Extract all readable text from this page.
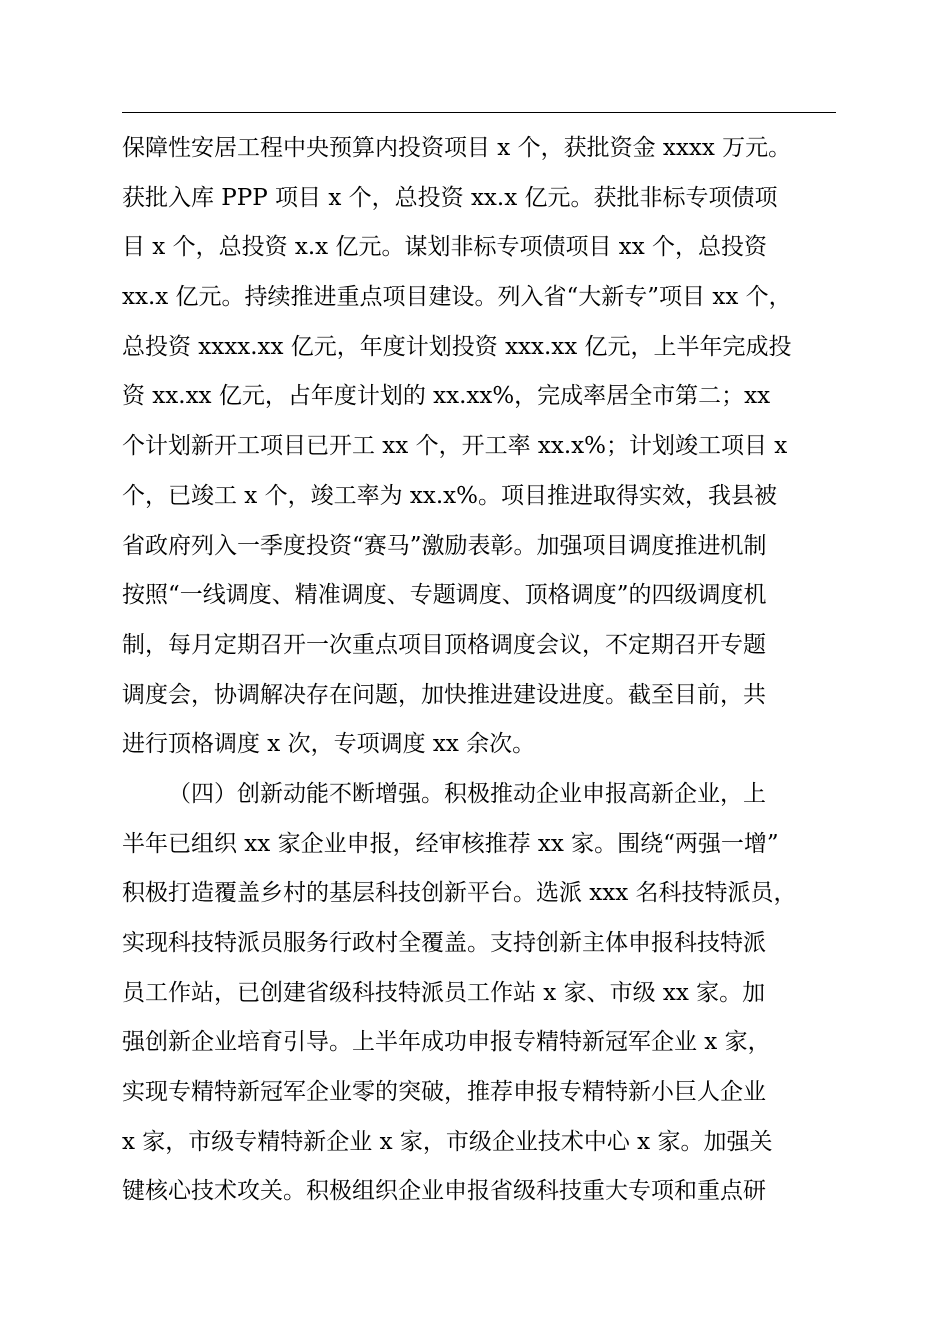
保障性安居工程中央预算内投资项目 x 个，获批资金 xxxx 万元。
获批入库 PPP 项目 x 个，总投资 xx.x 亿元。获批非标专项债项
目 x 个，总投资 x.x 亿元。谋划非标专项债项目 xx 个，总投资
xx.x 亿元。持续推进重点项目建设。列入省“大新专”项目 xx 个，
总投资 xxxx.xx 亿元，年度计划投资 xxx.xx 亿元，上半年完成投
资 xx.xx 亿元，占年度计划的 xx.xx%，完成率居全市第二；xx
个计划新开工项目已开工 xx 个，开工率 xx.x%；计划竣工项目 x
个，已竣工 x 个，竣工率为 xx.x%。项目推进取得实效，我县被
省政府列入一季度投资“赛马”激励表彰。加强项目调度推进机制
按照“一线调度、精准调度、专题调度、顶格调度”的四级调度机
制，每月定期召开一次重点项目顶格调度会议，不定期召开专题
调度会，协调解决存在问题，加快推进建设进度。截至目前，共
进行顶格调度 x 次，专项调度 xx 余次。
（四）创新动能不断增强。积极推动企业申报高新企业，上
半年已组织 xx 家企业申报，经审核推荐 xx 家。围绕“两强一增”
积极打造覆盖乡村的基层科技创新平台。选派 xxx 名科技特派员，
实现科技特派员服务行政村全覆盖。支持创新主体申报科技特派
员工作站，已创建省级科技特派员工作站 x 家、市级 xx 家。加
强创新企业培育引导。上半年成功申报专精特新冠军企业 x 家，
实现专精特新冠军企业零的突破，推荐申报专精特新小巨人企业
x 家，市级专精特新企业 x 家，市级企业技术中心 x 家。加强关
键核心技术攻关。积极组织企业申报省级科技重大专项和重点研
